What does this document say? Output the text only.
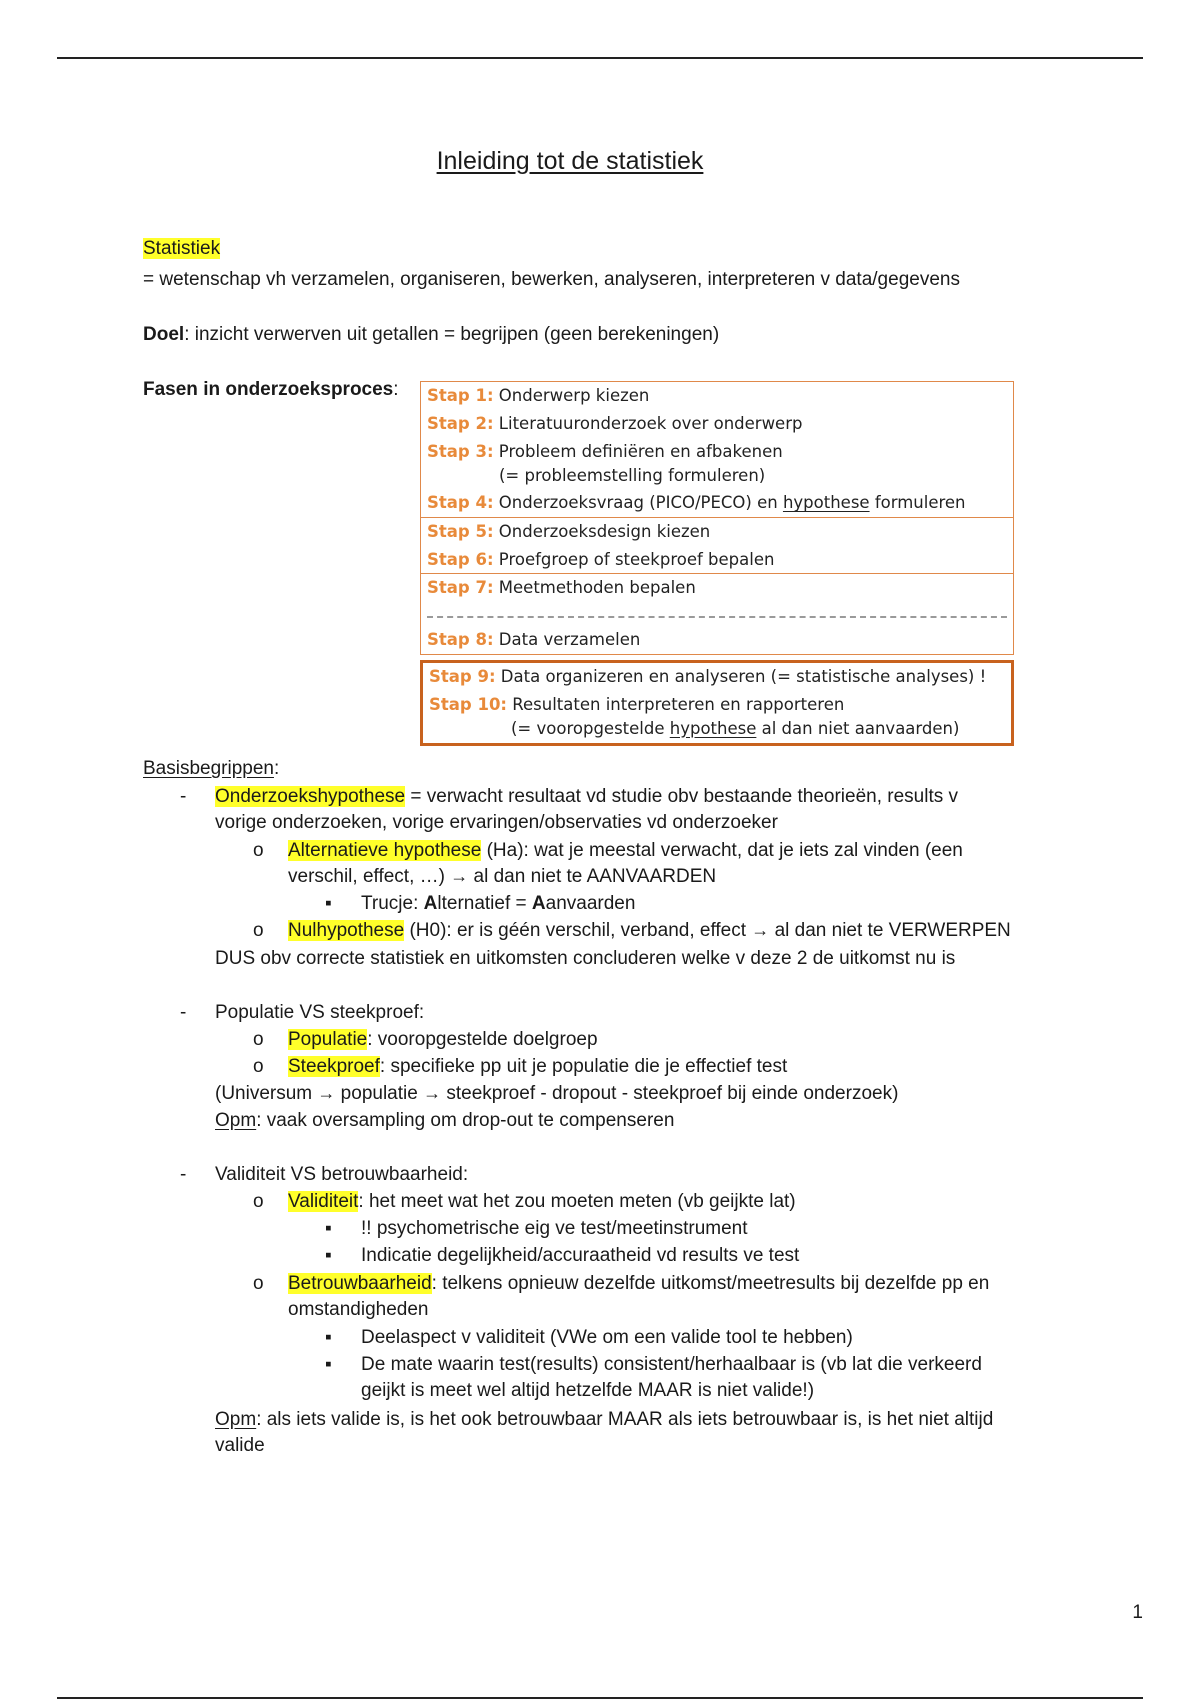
Inleiding tot de statistiek
Statistiek
= wetenschap vh verzamelen, organiseren, bewerken, analyseren, interpreteren v data/gegevens
Doel: inzicht verwerven uit getallen = begrijpen (geen berekeningen)
Fasen in onderzoeksproces: Stap 1: Onderwerp kiezen
Stap 2: Literatuuronderzoek over onderwerp
Stap 3: Probleem definiëren en afbakenen
(= probleemstelling formuleren)
Stap 4: Onderzoeksvraag (PICO/PECO) en hypothese formuleren
Stap 5: Onderzoeksdesign kiezen
Stap 6: Proefgroep of steekproef bepalen
Stap 7: Meetmethoden bepalen
Stap 8: Data verzamelen
Stap 9: Data organizeren en analyseren (= statistische analyses) !
Stap 10: Resultaten interpreteren en rapporteren
(= vooropgestelde hypothese al dan niet aanvaarden)
Basisbegrippen:
- Onderzoekshypothese = verwacht resultaat vd studie obv bestaande theorieën, results v
vorige onderzoeken, vorige ervaringen/observaties vd onderzoeker
o Alternatieve hypothese (Ha): wat je meestal verwacht, dat je iets zal vinden (een
verschil, effect, …) → al dan niet te AANVAARDEN
▪ Trucje: Alternatief = Aanvaarden
o Nulhypothese (H0): er is géén verschil, verband, effect → al dan niet te VERWERPEN
DUS obv correcte statistiek en uitkomsten concluderen welke v deze 2 de uitkomst nu is
- Populatie VS steekproef:
o Populatie: vooropgestelde doelgroep
o Steekproef: specifieke pp uit je populatie die je effectief test
(Universum → populatie → steekproef - dropout - steekproef bij einde onderzoek)
Opm: vaak oversampling om drop-out te compenseren
- Validiteit VS betrouwbaarheid:
o Validiteit: het meet wat het zou moeten meten (vb geijkte lat)
▪ !! psychometrische eig ve test/meetinstrument
▪ Indicatie degelijkheid/accuraatheid vd results ve test
o Betrouwbaarheid: telkens opnieuw dezelfde uitkomst/meetresults bij dezelfde pp en
omstandigheden
▪ Deelaspect v validiteit (VWe om een valide tool te hebben)
▪ De mate waarin test(results) consistent/herhaalbaar is (vb lat die verkeerd
geijkt is meet wel altijd hetzelfde MAAR is niet valide!)
Opm: als iets valide is, is het ook betrouwbaar MAAR als iets betrouwbaar is, is het niet altijd
valide
1
